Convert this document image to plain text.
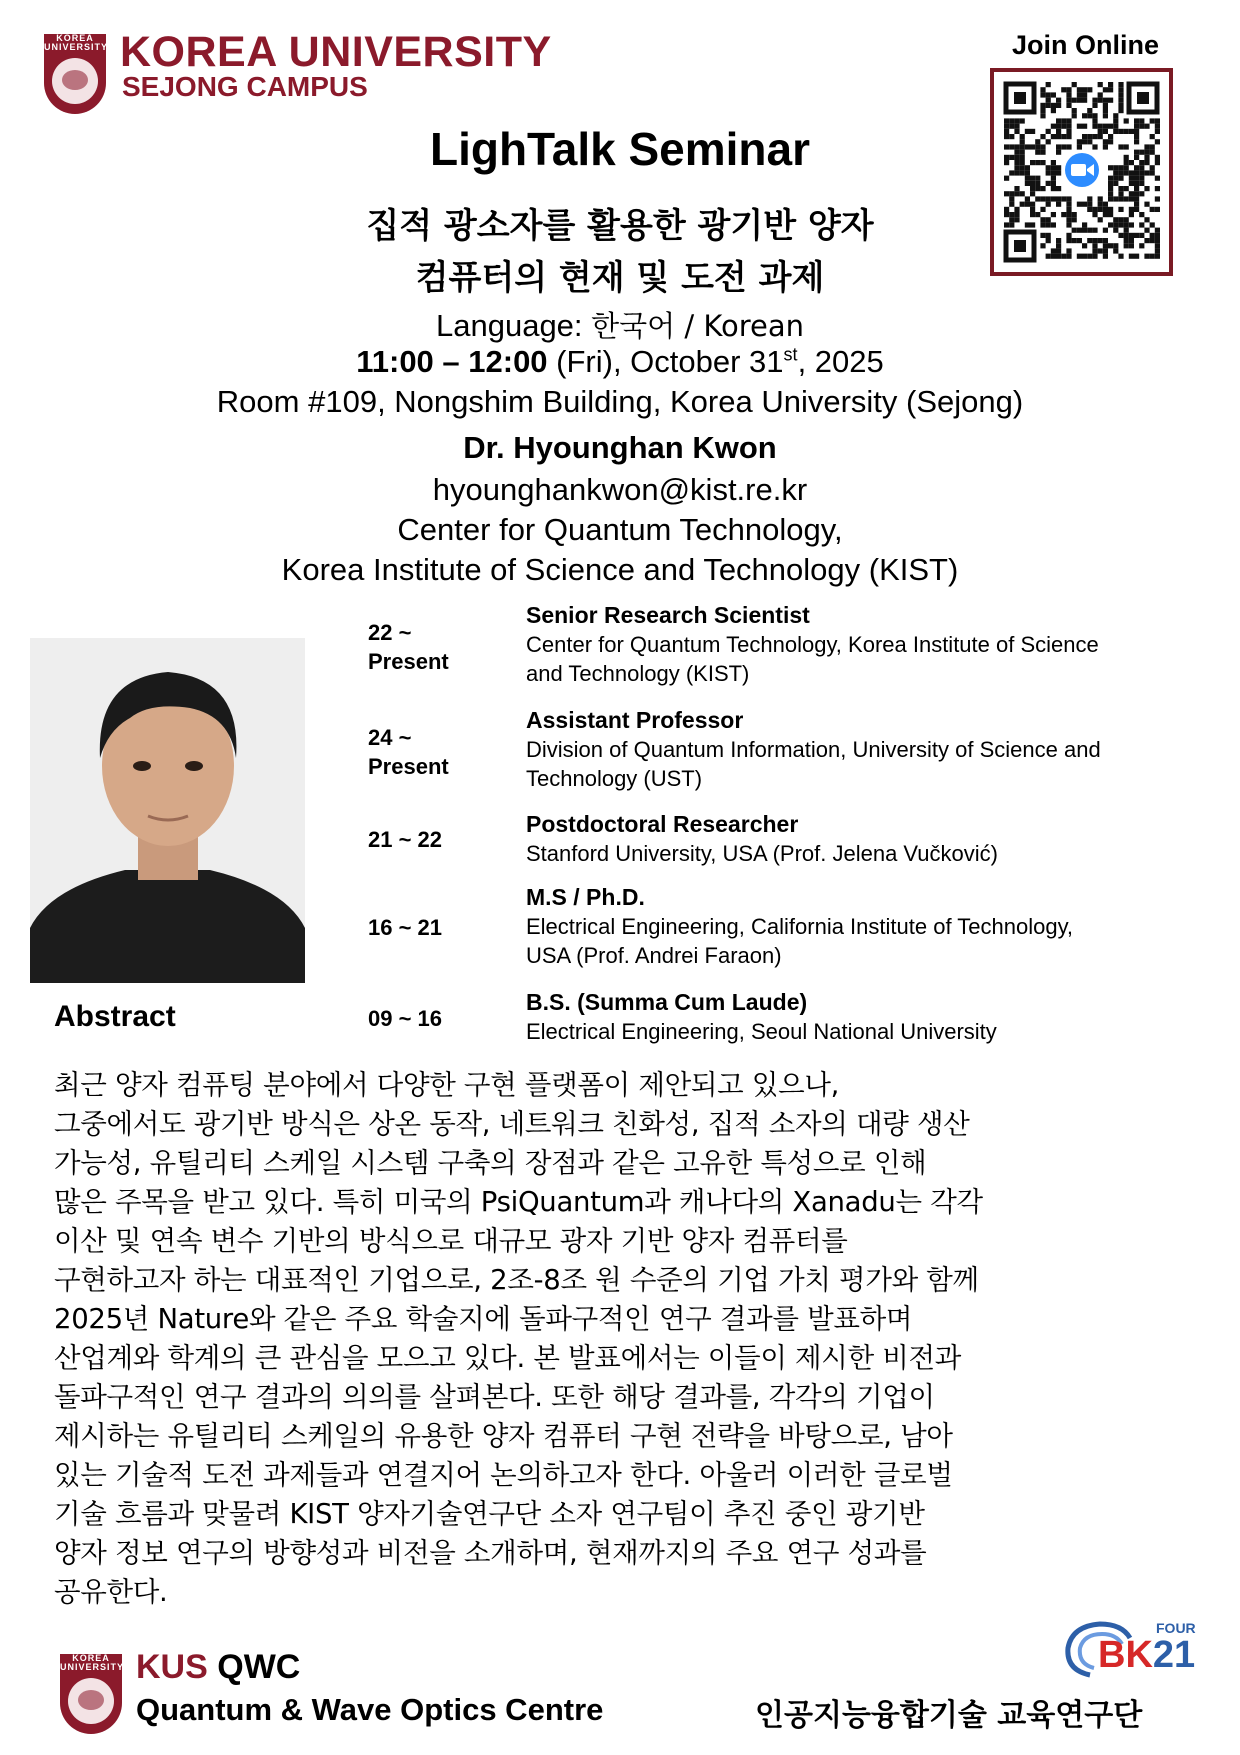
KOREA UNIVERSITY KOREA UNIVERSITY
SEJONG CAMPUS
Join Online
LighTalk Seminar
집적 광소자를 활용한 광기반 양자
컴퓨터의 현재 및 도전 과제
Language: 한국어 / Korean
11:00 – 12:00 (Fri), October 31st, 2025
Room #109, Nongshim Building, Korea University (Sejong)
Dr. Hyounghan Kwon
hyounghankwon@kist.re.kr
Center for Quantum Technology,
Korea Institute of Science and Technology (KIST)
22 ~
Present
Senior Research Scientist
Center for Quantum Technology, Korea Institute of Science
and Technology (KIST)
24 ~
Present
Assistant Professor
Division of Quantum Information, University of Science and
Technology (UST)
21 ~ 22
Postdoctoral Researcher
Stanford University, USA (Prof. Jelena Vučković)
16 ~ 21
M.S / Ph.D.
Electrical Engineering, California Institute of Technology,
USA (Prof. Andrei Faraon)
09 ~ 16
B.S. (Summa Cum Laude)
Electrical Engineering, Seoul National University
Abstract

최근 양자 컴퓨팅 분야에서 다양한 구현 플랫폼이 제안되고 있으나,

그중에서도 광기반 방식은 상온 동작, 네트워크 친화성, 집적 소자의 대량 생산

가능성, 유틸리티 스케일 시스템 구축의 장점과 같은 고유한 특성으로 인해

많은 주목을 받고 있다. 특히 미국의 PsiQuantum과 캐나다의 Xanadu는 각각

이산 및 연속 변수 기반의 방식으로 대규모 광자 기반 양자 컴퓨터를

구현하고자 하는 대표적인 기업으로, 2조-8조 원 수준의 기업 가치 평가와 함께

2025년 Nature와 같은 주요 학술지에 돌파구적인 연구 결과를 발표하며

산업계와 학계의 큰 관심을 모으고 있다. 본 발표에서는 이들이 제시한 비전과

돌파구적인 연구 결과의 의의를 살펴본다. 또한 해당 결과를, 각각의 기업이

제시하는 유틸리티 스케일의 유용한 양자 컴퓨터 구현 전략을 바탕으로, 남아

있는 기술적 도전 과제들과 연결지어 논의하고자 한다. 아울러 이러한 글로벌

기술 흐름과 맞물려 KIST 양자기술연구단 소자 연구팀이 추진 중인 광기반

양자 정보 연구의 방향성과 비전을 소개하며, 현재까지의 주요 연구 성과를

공유한다.

KOREA UNIVERSITY KUS QWC
Quantum & Wave Optics Centre
FOUR
BK21
인공지능융합기술 교육연구단
